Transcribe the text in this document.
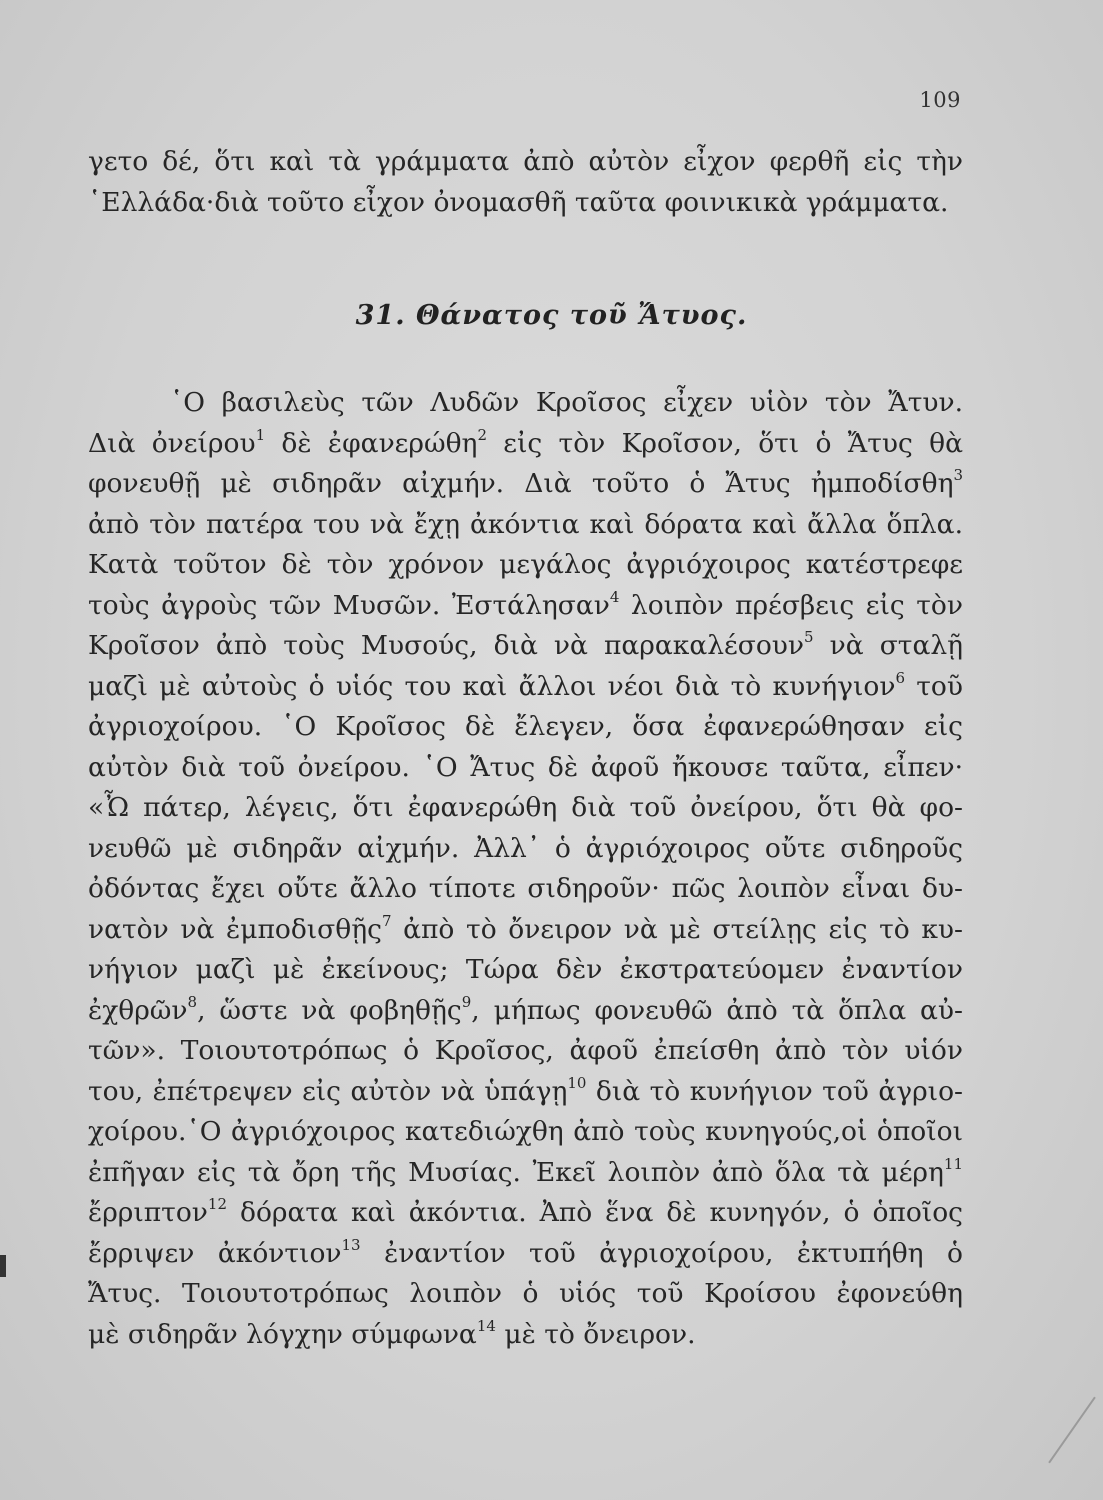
109
γετο δέ, ὅτι καὶ τὰ γράμματα ἀπὸ αὐτὸν εἶχον φερθῆ εἰς τὴν
῾Ελλάδα·διὰ τοῦτο εἶχον ὀνομασθῆ ταῦτα φοινικικὰ γράμματα.
31. Θάνατος τοῦ Ἄτυος.
῾Ο βασιλεὺς τῶν Λυδῶν Κροῖσος εἶχεν υἱὸν τὸν Ἄτυν.
Διὰ ὀνείρου$^1$ δὲ ἐφανερώθη$^2$ εἰς τὸν Κροῖσον, ὅτι ὁ Ἄτυς θὰ
φονευθῇ μὲ σιδηρᾶν αἰχμήν. Διὰ τοῦτο ὁ Ἄτυς ἠμποδίσθη$^3$
ἀπὸ τὸν πατέρα του νὰ ἔχῃ ἀκόντια καὶ δόρατα καὶ ἄλλα ὅπλα.
Κατὰ τοῦτον δὲ τὸν χρόνον μεγάλος ἀγριόχοιρος κατέστρεφε
τοὺς ἀγροὺς τῶν Μυσῶν. Ἐστάλησαν$^4$ λοιπὸν πρέσβεις εἰς τὸν
Κροῖσον ἀπὸ τοὺς Μυσούς, διὰ νὰ παρακαλέσουν$^5$ νὰ σταλῇ
μαζὶ μὲ αὐτοὺς ὁ υἱός του καὶ ἄλλοι νέοι διὰ τὸ κυνήγιον$^6$ τοῦ
ἀγριοχοίρου. ῾Ο Κροῖσος δὲ ἔλεγεν, ὅσα ἐφανερώθησαν εἰς
αὐτὸν διὰ τοῦ ὀνείρου. ῾Ο Ἄτυς δὲ ἀφοῦ ἤκουσε ταῦτα, εἶπεν·
«Ὦ πάτερ, λέγεις, ὅτι ἐφανερώθη διὰ τοῦ ὀνείρου, ὅτι θὰ φο-
νευθῶ μὲ σιδηρᾶν αἰχμήν. Ἀλλ᾽ ὁ ἀγριόχοιρος οὔτε σιδηροῦς
ὀδόντας ἔχει οὔτε ἄλλο τίποτε σιδηροῦν· πῶς λοιπὸν εἶναι δυ-
νατὸν νὰ ἐμποδισθῇς$^7$ ἀπὸ τὸ ὄνειρον νὰ μὲ στείλῃς εἰς τὸ κυ-
νήγιον μαζὶ μὲ ἐκείνους; Τώρα δὲν ἐκστρατεύομεν ἐναντίον
ἐχθρῶν$^8$, ὥστε νὰ φοβηθῇς$^9$, μήπως φονευθῶ ἀπὸ τὰ ὅπλα αὐ-
τῶν». Τοιουτοτρόπως ὁ Κροῖσος, ἀφοῦ ἐπείσθη ἀπὸ τὸν υἱόν
του, ἐπέτρεψεν εἰς αὐτὸν νὰ ὑπάγῃ$^{10}$ διὰ τὸ κυνήγιον τοῦ ἀγριο-
χοίρου.῾Ο ἀγριόχοιρος κατεδιώχθη ἀπὸ τοὺς κυνηγούς,οἱ ὁποῖοι
ἐπῆγαν εἰς τὰ ὄρη τῆς Μυσίας. Ἐκεῖ λοιπὸν ἀπὸ ὅλα τὰ μέρη$^{11}$
ἔρριπτον$^{12}$ δόρατα καὶ ἀκόντια. Ἀπὸ ἕνα δὲ κυνηγόν, ὁ ὁποῖος
ἔρριψεν ἀκόντιον$^{13}$ ἐναντίον τοῦ ἀγριοχοίρου, ἐκτυπήθη ὁ
Ἄτυς. Τοιουτοτρόπως λοιπὸν ὁ υἱός τοῦ Κροίσου ἐφονεύθη
μὲ σιδηρᾶν λόγχην σύμφωνα$^{14}$ μὲ τὸ ὄνειρον.
